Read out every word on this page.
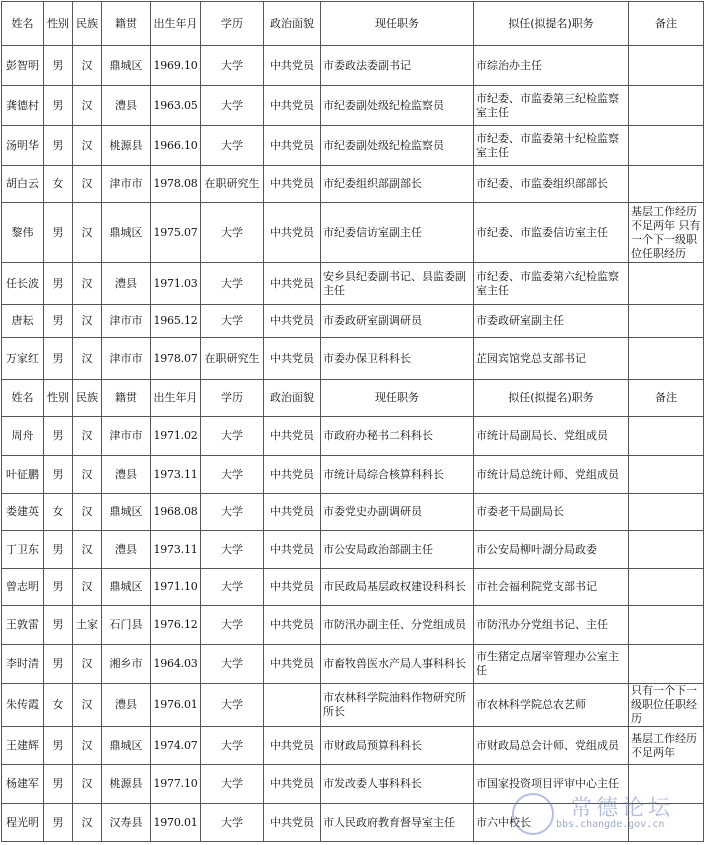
姓名	性别	民族	籍贯	出生年月	学历	政治面貌	现任职务	拟任(拟提名)职务	备注
彭智明	男	汉	鼎城区	1969.10	大学	中共党员	市委政法委副书记	市综治办主任	
龚德村	男	汉	澧县	1963.05	大学	中共党员	市纪委副处级纪检监察员	市纪委、市监委第三纪检监察室主任	
汤明华	男	汉	桃源县	1966.10	大学	中共党员	市纪委副处级纪检监察员	市纪委、市监委第十纪检监察室主任	
胡白云	女	汉	津市市	1978.08	在职研究生	中共党员	市纪委组织部副部长	市纪委、市监委组织部部长	
黎伟	男	汉	鼎城区	1975.07	大学	中共党员	市纪委信访室副主任	市纪委、市监委信访室主任	基层工作经历不足两年 只有一个下一级职位任职经历
任长波	男	汉	澧县	1971.03	大学	中共党员	安乡县纪委副书记、县监委副主任	市纪委、市监委第六纪检监察室主任	
唐耘	男	汉	津市市	1965.12	大学	中共党员	市委政研室副调研员	市委政研室副主任	
万家红	男	汉	津市市	1978.07	在职研究生	中共党员	市委办保卫科科长	芷园宾馆党总支部书记	
姓名	性别	民族	籍贯	出生年月	学历	政治面貌	现任职务	拟任(拟提名)职务	备注
周舟	男	汉	津市市	1971.02	大学	中共党员	市政府办秘书二科科长	市统计局副局长、党组成员	
叶征鹏	男	汉	澧县	1973.11	大学	中共党员	市统计局综合核算科科长	市统计局总统计师、党组成员	
娄建英	女	汉	鼎城区	1968.08	大学	中共党员	市委党史办副调研员	市委老干局副局长	
丁卫东	男	汉	澧县	1973.11	大学	中共党员	市公安局政治部副主任	市公安局柳叶湖分局政委	
曾志明	男	汉	鼎城区	1971.10	大学	中共党员	市民政局基层政权建设科科长	市社会福利院党支部书记	
王敦雷	男	土家	石门县	1976.12	大学	中共党员	市防汛办副主任、分党组成员	市防汛办分党组书记、主任	
李时清	男	汉	湘乡市	1964.03	大学	中共党员	市畜牧兽医水产局人事科科长	市生猪定点屠宰管理办公室主任	
朱传霞	女	汉	澧县	1976.01	大学		市农林科学院油料作物研究所所长	市农林科学院总农艺师	只有一个下一级职位任职经历
王建辉	男	汉	鼎城区	1974.07	大学	中共党员	市财政局预算科科长	市财政局总会计师、党组成员	基层工作经历不足两年
杨建军	男	汉	桃源县	1977.10	大学	中共党员	市发改委人事科科长	市国家投资项目评审中心主任	
程光明	男	汉	汉寿县	1970.01	大学	中共党员	市人民政府教育督导室主任	市六中校长	
常德论坛
bbs.changde.gov.cn
